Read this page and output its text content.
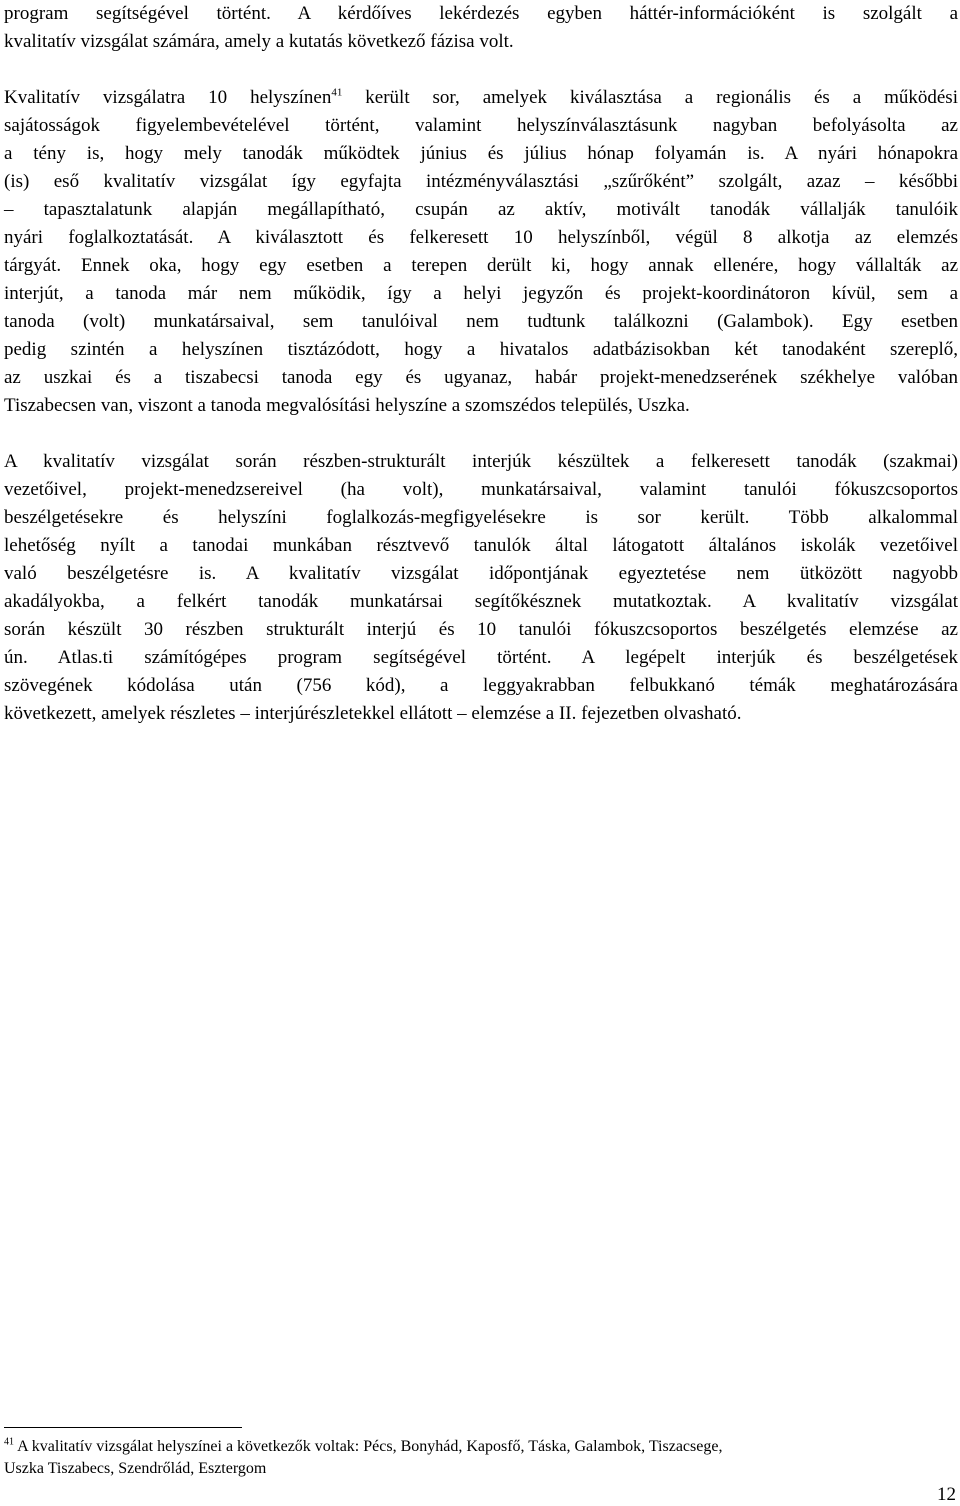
program segítségével történt. A kérdőíves lekérdezés egyben háttér-információként is szolgált a
kvalitatív vizsgálat számára, amely a kutatás következő fázisa volt.
Kvalitatív vizsgálatra 10 helyszínen$^{41}$ került sor, amelyek kiválasztása a regionális és a működési
sajátosságok figyelembevételével történt, valamint helyszínválasztásunk nagyban befolyásolta az
a tény is, hogy mely tanodák működtek június és július hónap folyamán is. A nyári hónapokra
(is) eső kvalitatív vizsgálat így egyfajta intézményválasztási „szűrőként” szolgált, azaz – későbbi
– tapasztalatunk alapján megállapítható, csupán az aktív, motivált tanodák vállalják tanulóik
nyári foglalkoztatását. A kiválasztott és felkeresett 10 helyszínből, végül 8 alkotja az elemzés
tárgyát. Ennek oka, hogy egy esetben a terepen derült ki, hogy annak ellenére, hogy vállalták az
interjút, a tanoda már nem működik, így a helyi jegyzőn és projekt-koordinátoron kívül, sem a
tanoda (volt) munkatársaival, sem tanulóival nem tudtunk találkozni (Galambok). Egy esetben
pedig szintén a helyszínen tisztázódott, hogy a hivatalos adatbázisokban két tanodaként szereplő,
az uszkai és a tiszabecsi tanoda egy és ugyanaz, habár projekt-menedzserének székhelye valóban
Tiszabecsen van, viszont a tanoda megvalósítási helyszíne a szomszédos település, Uszka.
A kvalitatív vizsgálat során részben-strukturált interjúk készültek a felkeresett tanodák (szakmai)
vezetőivel, projekt-menedzsereivel (ha volt), munkatársaival, valamint tanulói fókuszcsoportos
beszélgetésekre és helyszíni foglalkozás-megfigyelésekre is sor került. Több alkalommal
lehetőség nyílt a tanodai munkában résztvevő tanulók által látogatott általános iskolák vezetőivel
való beszélgetésre is. A kvalitatív vizsgálat időpontjának egyeztetése nem ütközött nagyobb
akadályokba, a felkért tanodák munkatársai segítőkésznek mutatkoztak. A kvalitatív vizsgálat
során készült 30 részben strukturált interjú és 10 tanulói fókuszcsoportos beszélgetés elemzése az
ún. Atlas.ti számítógépes program segítségével történt. A legépelt interjúk és beszélgetések
szövegének kódolása után (756 kód), a leggyakrabban felbukkanó témák meghatározására
következett, amelyek részletes – interjúrészletekkel ellátott – elemzése a II. fejezetben olvasható.
$^{41}$ A kvalitatív vizsgálat helyszínei a következők voltak: Pécs, Bonyhád, Kaposfő, Táska, Galambok, Tiszacsege,
Uszka Tiszabecs, Szendrőlád, Esztergom
12
